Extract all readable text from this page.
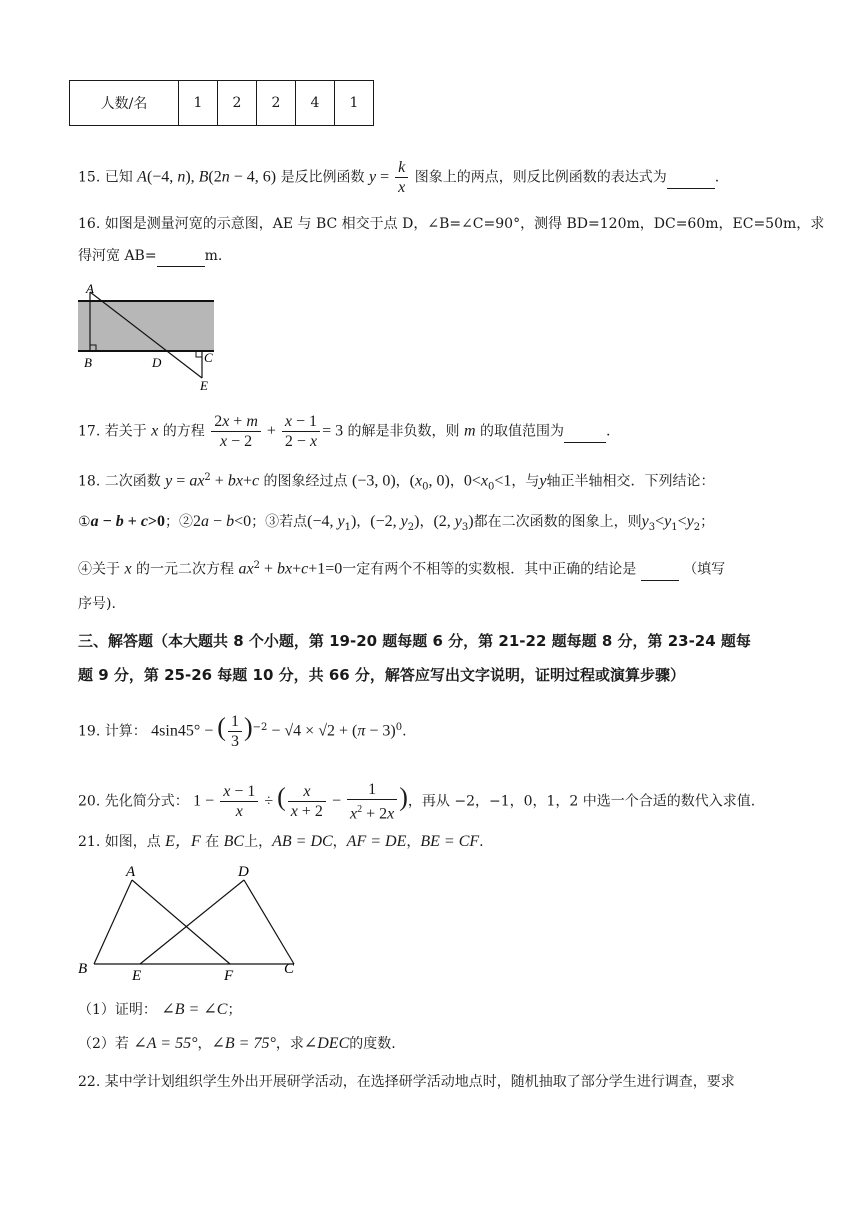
人数/名	1	2	2	4	1
15. 已知 A(−4, n), B(2n − 4, 6) 是反比例函数 $y = \frac{k}{x}$ 图象上的两点，则反比例函数的表达式为	.
16. 如图是测量河宽的示意图，AE 与 BC 相交于点 D，∠B=∠C=90°，测得 BD=120m，DC=60m，EC=50m，求
得河宽 AB=	m.
A
B	D	C
E
17. 若关于 x 的方程 $\frac{2x + m}{x - 2} + \frac{x - 1}{2 - x} = 3$ 的解是非负数，则 m 的取值范围为	.
18. 二次函数 $y = ax^2 + bx+c$ 的图象经过点 (−3, 0)，($x_0$, 0)，$0<x_0<1$，与y轴正半轴相交．下列结论：
①a − b + c>0；②2a − b<0；③若点(−4, $y_1$)，(−2, $y_2$)，(2, $y_3$)都在二次函数的图象上，则$y_3<y_1<y_2$；
④关于 x 的一元二次方程 $ax^2 + bx+c+1=0$一定有两个不相等的实数根．其中正确的结论是	（填写
序号).
三、解答题（本大题共 8 个小题，第 19-20 题每题 6 分，第 21-22 题每题 8 分，第 23-24 题每
题 9 分，第 25-26 每题 10 分，共 66 分，解答应写出文字说明，证明过程或演算步骤）
19. 计算： 4sin45° − ( $\frac{1}{3} )^{-2} - √4 \times √2 + (\pi - 3)^0$.
20. 先化简分式： $1 - \frac{x - 1}{x}$ ÷ ( $\frac{x}{x + 2} - \frac{1}{x^2 + 2x}$ )，再从 −2，−1，0，1，2 中选一个合适的数代入求值.
21. 如图，点 E，F 在 BC上，AB = DC，AF = DE，BE = CF.
A	D
B	E	F	C
（1）证明： ∠B = ∠C；
（2）若 ∠A = 55°，∠B = 75°，求∠DEC的度数.
22. 某中学计划组织学生外出开展研学活动，在选择研学活动地点时，随机抽取了部分学生进行调查，要求
